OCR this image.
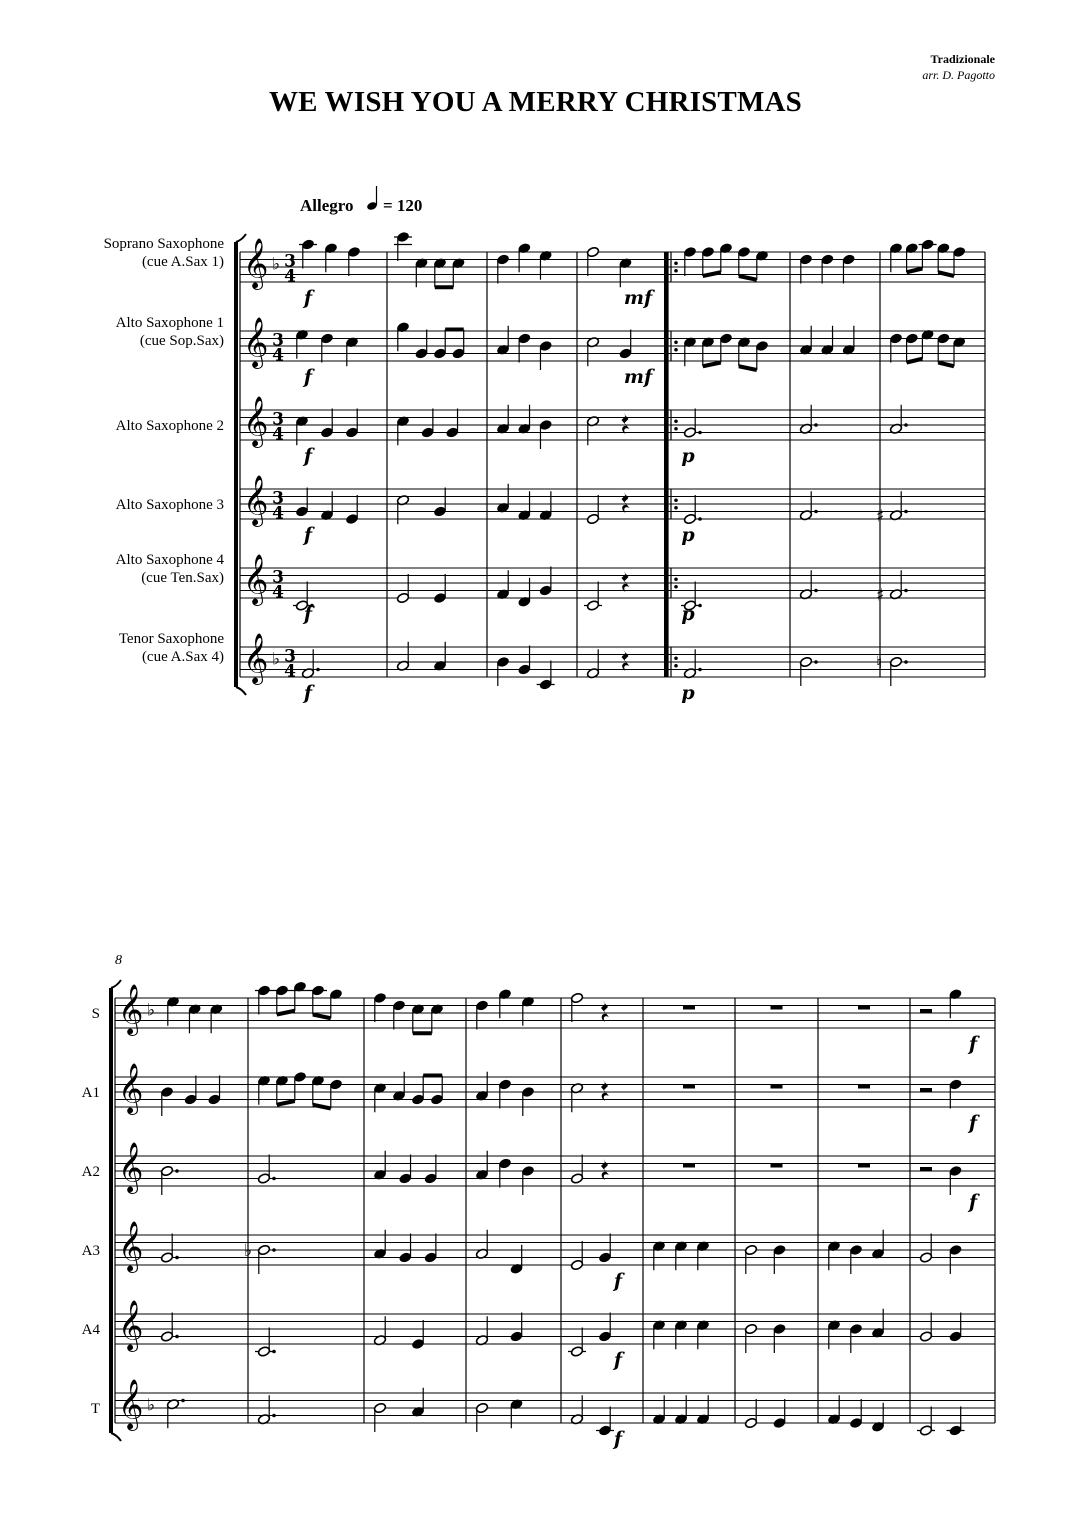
Allegro = 120
Soprano Saxophone
(cue A.Sax 1) 𝄞 ♭ 3
4
Alto Saxophone 1
(cue Sop.Sax) 𝄞 3
4
Alto Saxophone 2 𝄞 3
4
Alto Saxophone 3 𝄞 3
4	♯
Alto Saxophone 4
(cue Ten.Sax) 𝄞 3
4	♯
Tenor Saxophone
(cue A.Sax 4) 𝄞 ♭ 3
4	♮
f	mf
f	mf
f	p
f	p
f	p
f	p
8
S 𝄞 ♭
A1 𝄞
A2 𝄞
A3 𝄞	♭
A4 𝄞
T 𝄞 ♭
f
f
f
f
f
f
WE WISH YOU A MERRY CHRISTMAS
Tradizionale
arr. D. Pagotto
